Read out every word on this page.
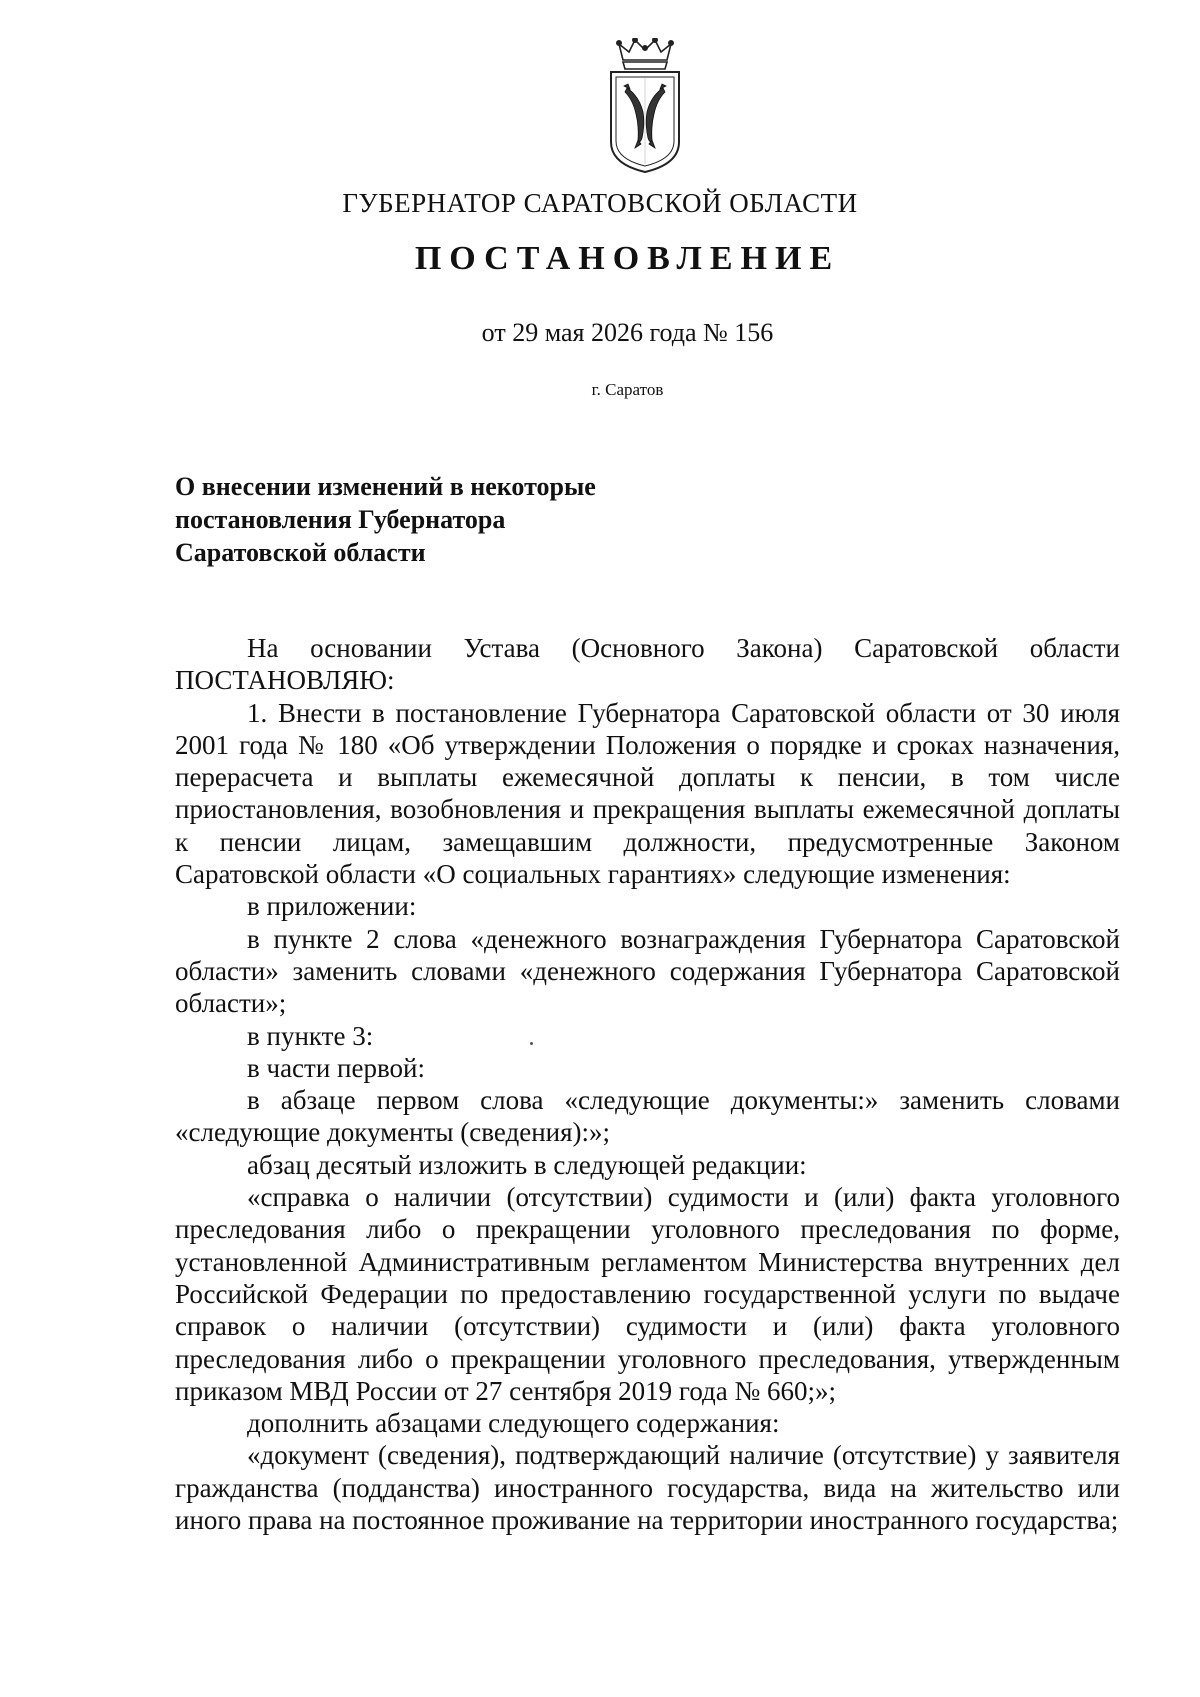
ГУБЕРНАТОР САРАТОВСКОЙ ОБЛАСТИ
ПОСТАНОВЛЕНИЕ
от 29 мая 2026 года № 156
г. Саратов
О внесении изменений в некоторые
постановления Губернатора
Саратовской области

На основании Устава (Основного Закона) Саратовской области ПОСТАНОВЛЯЮ:

1. Внести в постановление Губернатора Саратовской области от 30 июля 2001 года № 180 «Об утверждении Положения о порядке и сроках назначения, перерасчета и выплаты ежемесячной доплаты к пенсии, в том числе приостановления, возобновления и прекращения выплаты ежемесячной доплаты к пенсии лицам, замещавшим должности, предусмотренные Законом Саратовской области «О социальных гарантиях» следующие изменения:

в приложении:

в пункте 2 слова «денежного вознаграждения Губернатора Саратовской области» заменить словами «денежного содержания Губернатора Саратовской области»;

в пункте 3:

в части первой:

в абзаце первом слова «следующие документы:» заменить словами «следующие документы (сведения):»;

абзац десятый изложить в следующей редакции:

«справка о наличии (отсутствии) судимости и (или) факта уголовного преследования либо о прекращении уголовного преследования по форме, установленной Административным регламентом Министерства внутренних дел Российской Федерации по предоставлению государственной услуги по выдаче справок о наличии (отсутствии) судимости и (или) факта уголовного преследования либо о прекращении уголовного преследования, утвержденным приказом МВД России от 27 сентября 2019 года № 660;»;

дополнить абзацами следующего содержания:

«документ (сведения), подтверждающий наличие (отсутствие) у заявителя гражданства (подданства) иностранного государства, вида на жительство или иного права на постоянное проживание на территории иностранного государства;
